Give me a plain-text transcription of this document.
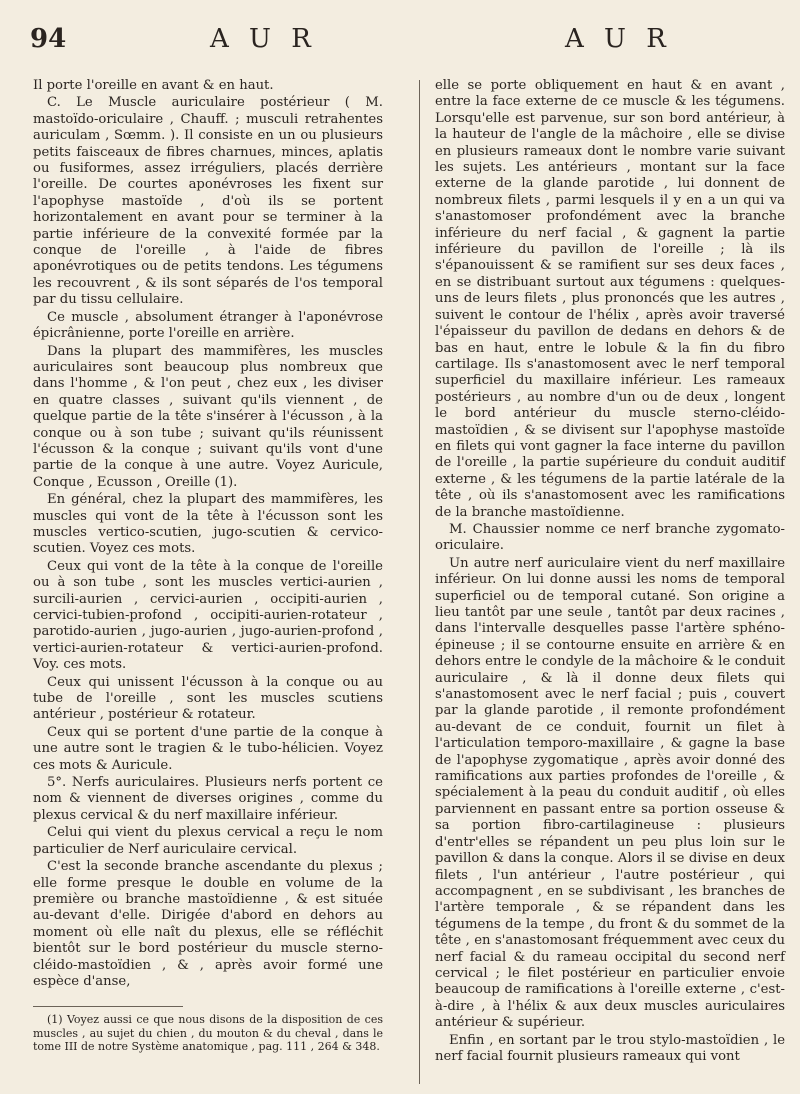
94	A U R	A U R

Il porte l'oreille en avant & en haut.

C. Le Muscle auriculaire postérieur ( M. mastoïdo-oriculaire , Chauff. ; musculi retrahentes auriculam , Sœmm. ). Il consiste en un ou plusieurs petits faisceaux de fibres charnues, minces, aplatis ou fusiformes, assez irréguliers, placés derrière l'oreille. De courtes aponévroses les fixent sur l'apophyse mastoïde , d'où ils se portent horizontalement en avant pour se terminer à la partie inférieure de la convexité formée par la conque de l'oreille , à l'aide de fibres aponévrotiques ou de petits tendons. Les tégumens les recouvrent , & ils sont séparés de l'os temporal par du tissu cellulaire.

Ce muscle , absolument étranger à l'aponévrose épicrânienne, porte l'oreille en arrière.

Dans la plupart des mammifères, les muscles auriculaires sont beaucoup plus nombreux que dans l'homme , & l'on peut , chez eux , les diviser en quatre classes , suivant qu'ils viennent , de quelque partie de la tête s'insérer à l'écusson , à la conque ou à son tube ; suivant qu'ils réunissent l'écusson & la conque ; suivant qu'ils vont d'une partie de la conque à une autre. Voyez Auricule, Conque , Ecusson , Oreille (1).

En général, chez la plupart des mammifères, les muscles qui vont de la tête à l'écusson sont les muscles vertico-scutien, jugo-scutien & cervico-scutien. Voyez ces mots.

Ceux qui vont de la tête à la conque de l'oreille ou à son tube , sont les muscles vertici-aurien , surcili-aurien , cervici-aurien , occipiti-aurien , cervici-tubien-profond , occipiti-aurien-rotateur , parotido-aurien , jugo-aurien , jugo-aurien-profond , vertici-aurien-rotateur & vertici-aurien-profond. Voy. ces mots.

Ceux qui unissent l'écusson à la conque ou au tube de l'oreille , sont les muscles scutiens antérieur , postérieur & rotateur.

Ceux qui se portent d'une partie de la conque à une autre sont le tragien & le tubo-hélicien. Voyez ces mots & Auricule.

5°. Nerfs auriculaires. Plusieurs nerfs portent ce nom & viennent de diverses origines , comme du plexus cervical & du nerf maxillaire inférieur.

Celui qui vient du plexus cervical a reçu le nom particulier de Nerf auriculaire cervical.

C'est la seconde branche ascendante du plexus ; elle forme presque le double en volume de la première ou branche mastoïdienne , & est située au-devant d'elle. Dirigée d'abord en dehors au moment où elle naît du plexus, elle se réfléchit bientôt sur le bord postérieur du muscle sterno-cléido-mastoïdien , & , après avoir formé une espèce d'anse,

(1) Voyez aussi ce que nous disons de la disposition de ces muscles , au sujet du chien , du mouton & du cheval , dans le tome III de notre Système anatomique , pag. 111 , 264 & 348.

elle se porte obliquement en haut & en avant , entre la face externe de ce muscle & les tégumens. Lorsqu'elle est parvenue, sur son bord antérieur, à la hauteur de l'angle de la mâchoire , elle se divise en plusieurs rameaux dont le nombre varie suivant les sujets. Les antérieurs , montant sur la face externe de la glande parotide , lui donnent de nombreux filets , parmi lesquels il y en a un qui va s'anastomoser profondément avec la branche inférieure du nerf facial , & gagnent la partie inférieure du pavillon de l'oreille ; là ils s'épanouissent & se ramifient sur ses deux faces , en se distribuant surtout aux tégumens : quelques-uns de leurs filets , plus prononcés que les autres , suivent le contour de l'hélix , après avoir traversé l'épaisseur du pavillon de dedans en dehors & de bas en haut, entre le lobule & la fin du fibro cartilage. Ils s'anastomosent avec le nerf temporal superficiel du maxillaire inférieur. Les rameaux postérieurs , au nombre d'un ou de deux , longent le bord antérieur du muscle sterno-cléido-mastoïdien , & se divisent sur l'apophyse mastoïde en filets qui vont gagner la face interne du pavillon de l'oreille , la partie supérieure du conduit auditif externe , & les tégumens de la partie latérale de la tête , où ils s'anastomosent avec les ramifications de la branche mastoïdienne.

M. Chaussier nomme ce nerf branche zygomato-oriculaire.

Un autre nerf auriculaire vient du nerf maxillaire inférieur. On lui donne aussi les noms de temporal superficiel ou de temporal cutané. Son origine a lieu tantôt par une seule , tantôt par deux racines , dans l'intervalle desquelles passe l'artère sphéno-épineuse ; il se contourne ensuite en arrière & en dehors entre le condyle de la mâchoire & le conduit auriculaire , & là il donne deux filets qui s'anastomosent avec le nerf facial ; puis , couvert par la glande parotide , il remonte profondément au-devant de ce conduit, fournit un filet à l'articulation temporo-maxillaire , & gagne la base de l'apophyse zygomatique , après avoir donné des ramifications aux parties profondes de l'oreille , & spécialement à la peau du conduit auditif , où elles parviennent en passant entre sa portion osseuse & sa portion fibro-cartilagineuse : plusieurs d'entr'elles se répandent un peu plus loin sur le pavillon & dans la conque. Alors il se divise en deux filets , l'un antérieur , l'autre postérieur , qui accompagnent , en se subdivisant , les branches de l'artère temporale , & se répandent dans les tégumens de la tempe , du front & du sommet de la tête , en s'anastomosant fréquemment avec ceux du nerf facial & du rameau occipital du second nerf cervical ; le filet postérieur en particulier envoie beaucoup de ramifications à l'oreille externe , c'est-à-dire , à l'hélix & aux deux muscles auriculaires antérieur & supérieur.

Enfin , en sortant par le trou stylo-mastoïdien , le nerf facial fournit plusieurs rameaux qui vont
